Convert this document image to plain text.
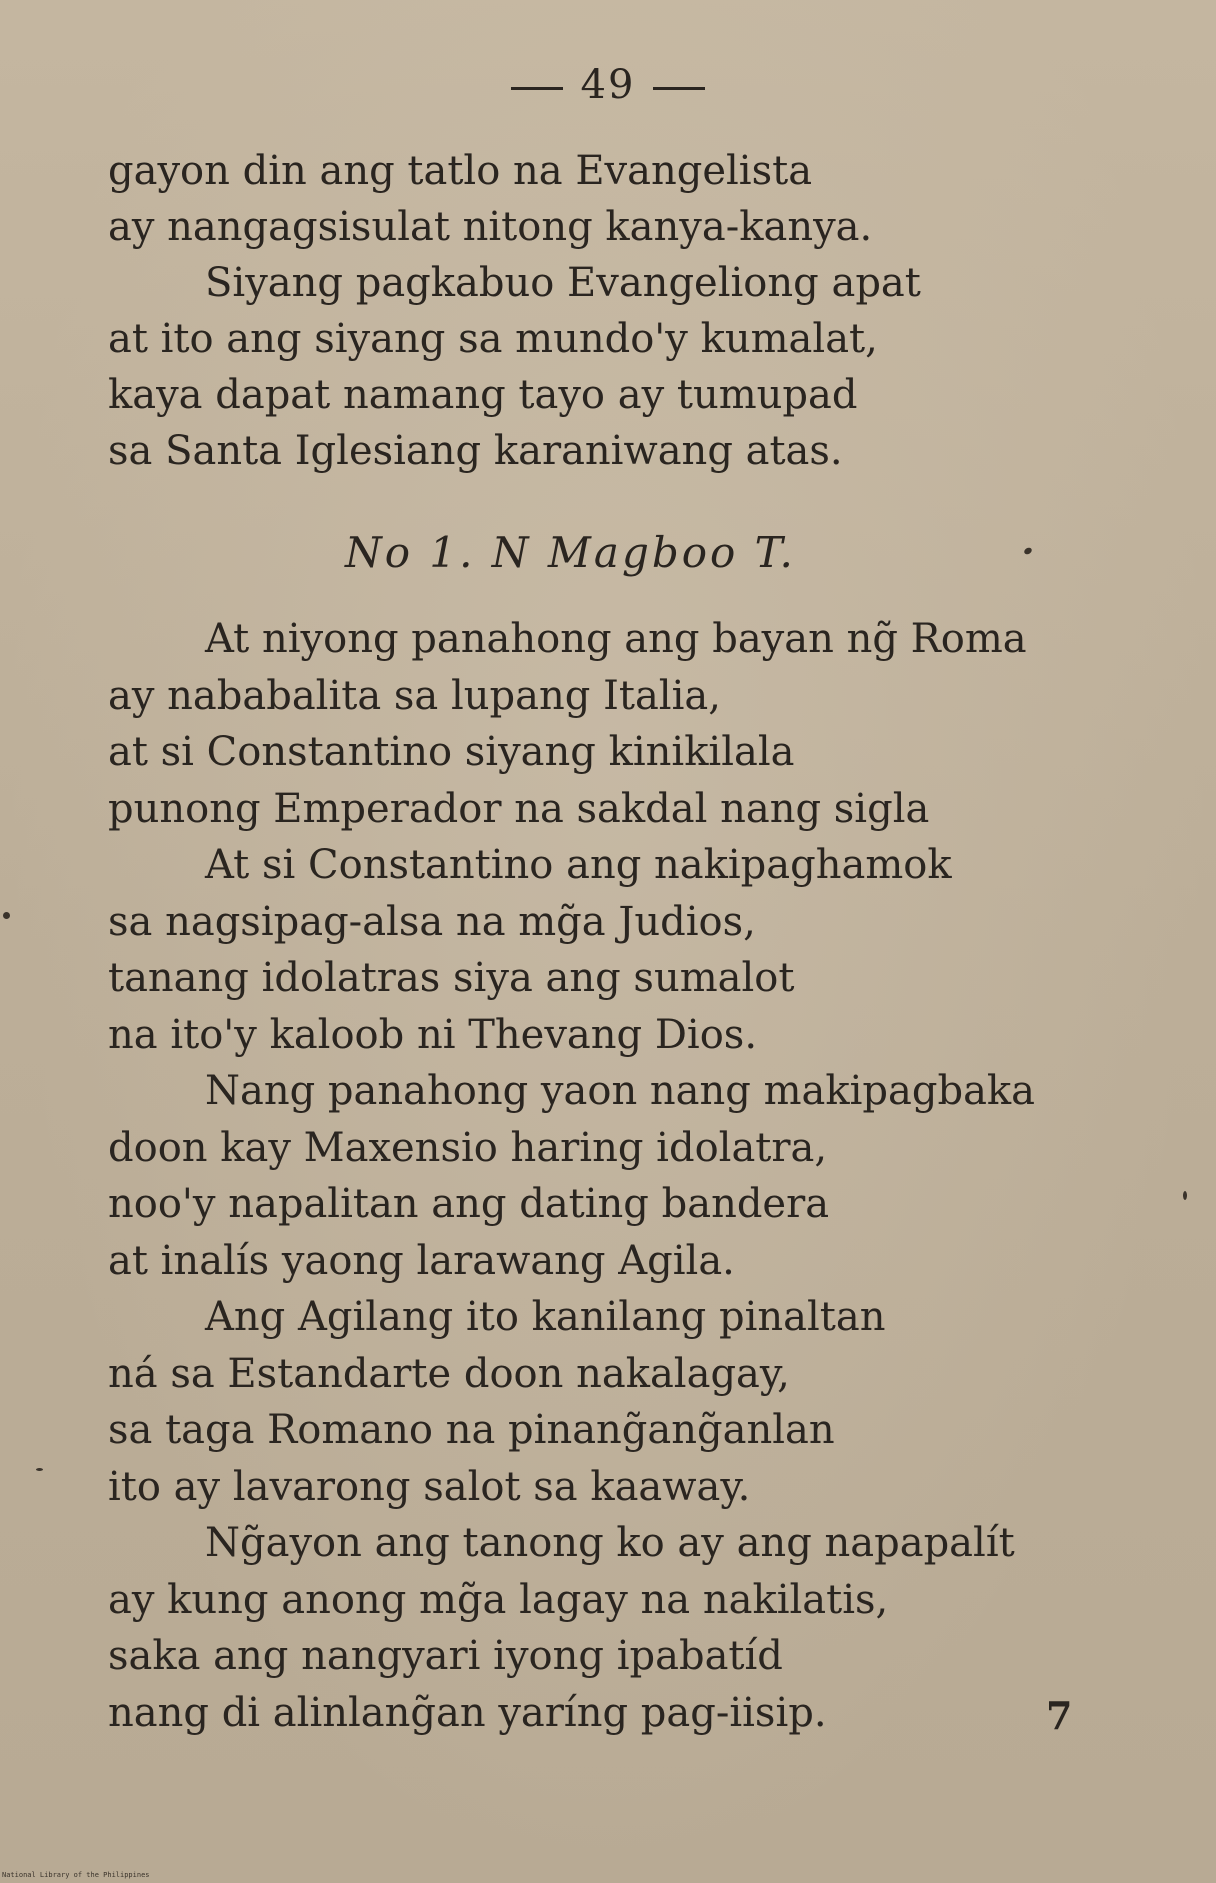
49
gayon din ang tatlo na Evangelista
ay nangagsisulat nitong kanya-kanya.
Siyang pagkabuo Evangeliong apat
at ito ang siyang sa mundo'y kumalat,
kaya dapat namang tayo ay tumupad
sa Santa Iglesiang karaniwang atas.
No 1. N Magboo T.
At niyong panahong ang bayan ng̃ Roma
ay nababalita sa lupang Italia,
at si Constantino siyang kinikilala
punong Emperador na sakdal nang sigla
At si Constantino ang nakipaghamok
sa nagsipag-alsa na mg̃a Judios,
tanang idolatras siya ang sumalot
na ito'y kaloob ni Thevang Dios.
Nang panahong yaon nang makipagbaka
doon kay Maxensio haring idolatra,
noo'y napalitan ang dating bandera
at inalís yaong larawang Agila.
Ang Agilang ito kanilang pinaltan
ná sa Estandarte doon nakalagay,
sa taga Romano na pinang̃ang̃anlan
ito ay lavarong salot sa kaaway.
Ng̃ayon ang tanong ko ay ang napapalít
ay kung anong mg̃a lagay na nakilatis,
saka ang nangyari iyong ipabatíd
nang di alinlang̃an yaríng pag-iisip.	7
National Library of the Philippines
